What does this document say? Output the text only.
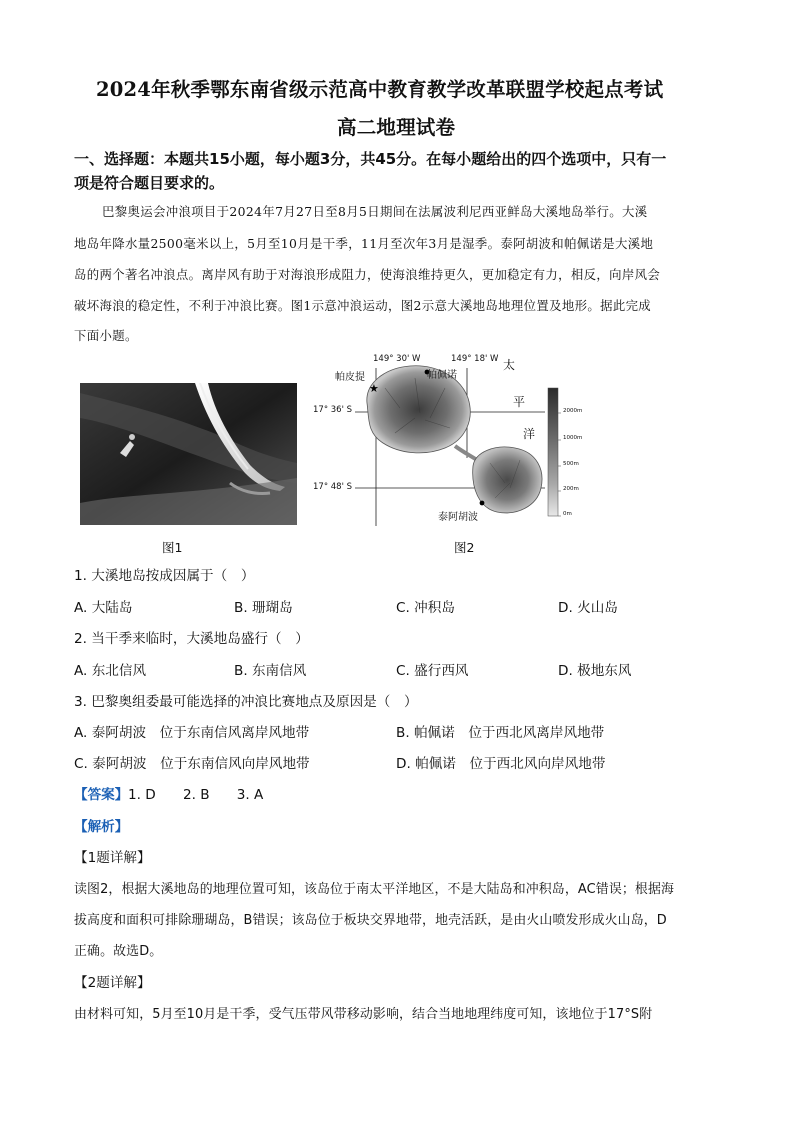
2024年秋季鄂东南省级示范高中教育教学改革联盟学校起点考试
高二地理试卷
一、选择题：本题共15小题，每小题3分，共45分。在每小题给出的四个选项中，只有一
项是符合题目要求的。
巴黎奥运会冲浪项目于2024年7月27日至8月5日期间在法属波利尼西亚鲜岛大溪地岛举行。大溪
地岛年降水量2500毫米以上，5月至10月是干季，11月至次年3月是湿季。泰阿胡波和帕佩诺是大溪地
岛的两个著名冲浪点。离岸风有助于对海浪形成阻力，使海浪维持更久，更加稳定有力，相反，向岸风会
破坏海浪的稳定性，不利于冲浪比赛。图1示意冲浪运动，图2示意大溪地岛地理位置及地形。据此完成
下面小题。
图1
★
149° 30' W	149° 18' W
17° 36' S
17° 48' S
帕皮提	帕佩诺
泰阿胡波
太
平
洋
2000m
1000m
500m
200m
0m
图2
1. 大溪地岛按成因属于（　）
A. 大陆岛	B. 珊瑚岛	C. 冲积岛	D. 火山岛
2. 当干季来临时，大溪地岛盛行（　）
A. 东北信风	B. 东南信风	C. 盛行西风	D. 极地东风
3. 巴黎奥组委最可能选择的冲浪比赛地点及原因是（　）
A. 泰阿胡波　位于东南信风离岸风地带	B. 帕佩诺　位于西北风离岸风地带
C. 泰阿胡波　位于东南信风向岸风地带	D. 帕佩诺　位于西北风向岸风地带
【答案】 1. D　　2. B　　3. A
【解析】
【1题详解】
读图2，根据大溪地岛的地理位置可知，该岛位于南太平洋地区，不是大陆岛和冲积岛，AC错误；根据海
拔高度和面积可排除珊瑚岛，B错误；该岛位于板块交界地带，地壳活跃，是由火山喷发形成火山岛，D
正确。故选D。
【2题详解】
由材料可知，5月至10月是干季，受气压带风带移动影响，结合当地地理纬度可知，该地位于17°S附
